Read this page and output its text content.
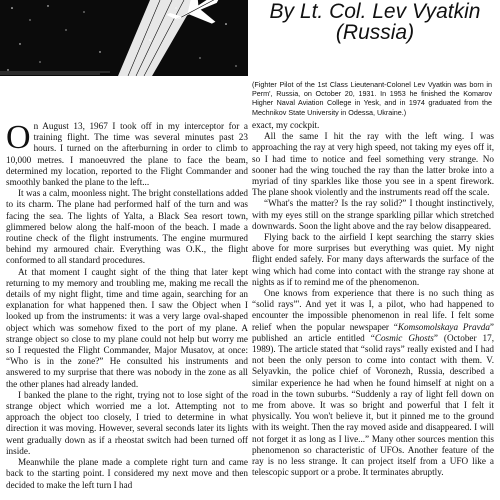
By Lt. Col. Lev Vyatkin
(Russia)

(Fighter Pilot of the 1st Class Lieutenant-Colonel Lev Vyatkin was born in Perm', Russia, on October 20, 1931. In 1953 he finished the Komarov Higher Naval Aviation College in Yesk, and in 1974 graduated from the Mechnikov State University in Odessa, Ukraine.)

On August 13, 1967 I took off in my interceptor for a training flight. The time was several minutes past 23 hours. I turned on the afterburning in order to climb to 10,000 metres. I manoeuvred the plane to face the beam, determined my location, reported to the Flight Commander and smoothly banked the plane to the left...

It was a calm, moonless night. The bright constellations added to its charm. The plane had performed half of the turn and was facing the sea. The lights of Yalta, a Black Sea resort town, glimmered below along the half-moon of the beach. I made a routine check of the flight instruments. The engine murmured behind my armoured chair. Everything was O.K., the flight conformed to all standard procedures.

At that moment I caught sight of the thing that later kept returning to my memory and troubling me, making me recall the details of my night flight, time and time again, searching for an explanation for what happened then. I saw the Object when I looked up from the instruments: it was a very large oval-shaped object which was somehow fixed to the port of my plane. A strange object so close to my plane could not help but worry me so I requested the Flight Commander, Major Musatov, at once: “Who is in the zone?” He consulted his instruments and answered to my surprise that there was nobody in the zone as all the other planes had already landed.

I banked the plane to the right, trying not to lose sight of the strange object which worried me a lot. Attempting not to approach the object too closely, I tried to determine in what direction it was moving. However, several seconds later its lights went gradually down as if a rheostat switch had been turned off inside.

Meanwhile the plane made a complete right turn and came back to the starting point. I considered my next move and then decided to make the left turn I had

exact, my cockpit.

All the same I hit the ray with the left wing. I was approaching the ray at very high speed, not taking my eyes off it, so I had time to notice and feel something very strange. No sooner had the wing touched the ray than the latter broke into a myriad of tiny sparkles like those you see in a spent firework. The plane shook violently and the instruments read off the scale.

“What's the matter? Is the ray solid?” I thought instinctively, with my eyes still on the strange sparkling pillar which stretched downwards. Soon the light above and the ray below disappeared.

Flying back to the airfield I kept searching the starry skies above for more surprises but everything was quiet. My night flight ended safely. For many days afterwards the surface of the wing which had come into contact with the strange ray shone at nights as if to remind me of the phenomenon.

One knows from experience that there is no such thing as “solid rays”'. And yet it was I, a pilot, who had happened to encounter the impossible phenomenon in real life. I felt some relief when the popular newspaper “Komsomolskaya Pravda” published an article entitled “Cosmic Ghosts” (October 17, 1989). The article stated that “solid rays” really existed and I had not been the only person to come into contact with them. V. Selyavkin, the police chief of Voronezh, Russia, described a similar experience he had when he found himself at night on a road in the town suburbs. “Suddenly a ray of light fell down on me from above. It was so bright and powerful that I felt it physically. You won't believe it, but it pinned me to the ground with its weight. Then the ray moved aside and disappeared. I will not forget it as long as I live...” Many other sources mention this phenomenon so characteristic of UFOs. Another feature of the ray is no less strange. It can project itself from a UFO like a telescopic support or a probe. It terminates abruptly.
